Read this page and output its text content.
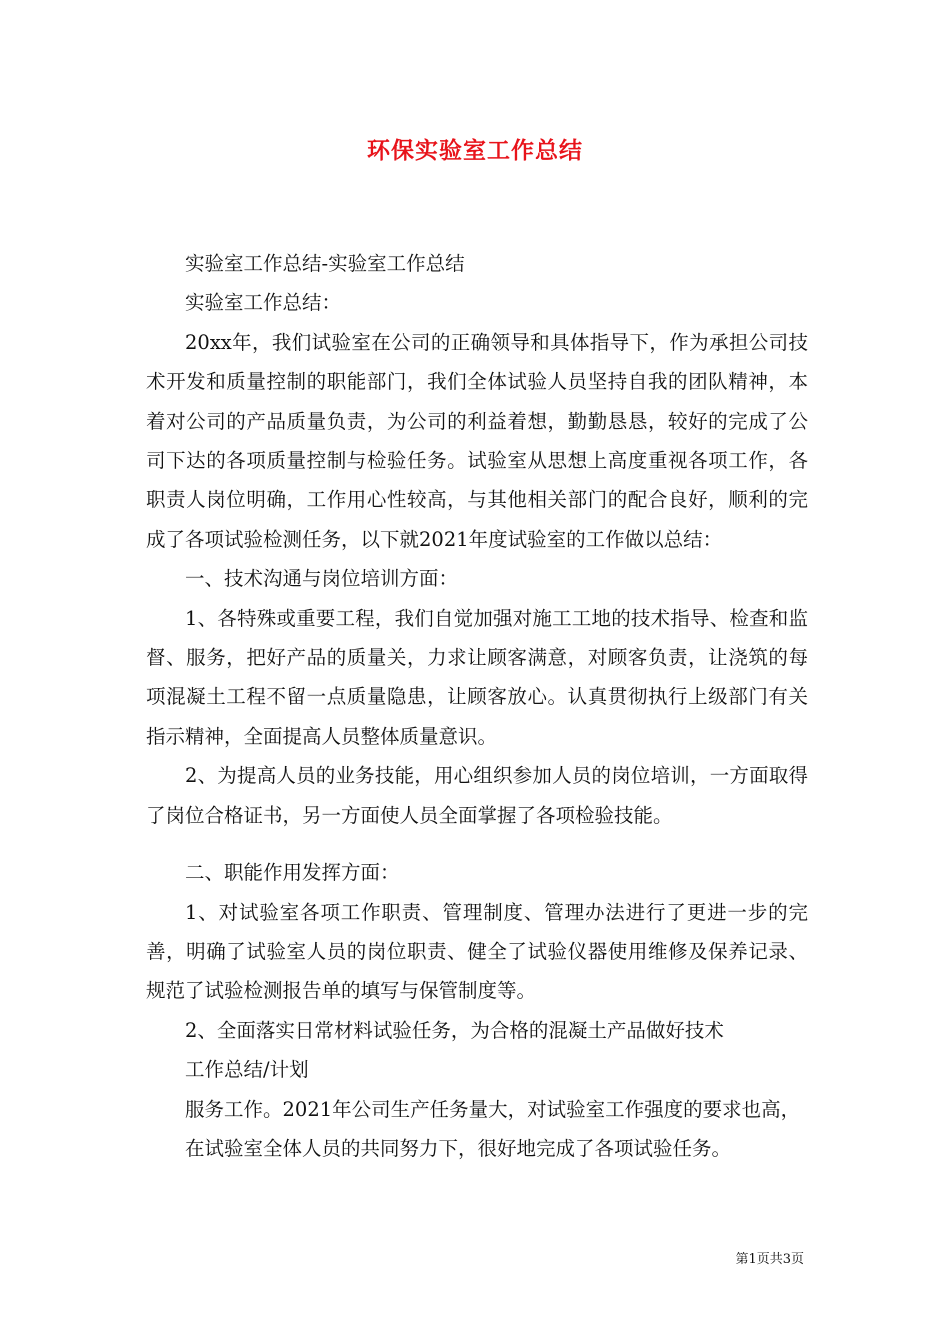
环保实验室工作总结

实验室工作总结-实验室工作总结

实验室工作总结：

20xx年，我们试验室在公司的正确领导和具体指导下，作为承担公司技术开发和质量控制的职能部门，我们全体试验人员坚持自我的团队精神，本着对公司的产品质量负责，为公司的利益着想，勤勤恳恳，较好的完成了公司下达的各项质量控制与检验任务。试验室从思想上高度重视各项工作，各职责人岗位明确，工作用心性较高，与其他相关部门的配合良好，顺利的完成了各项试验检测任务，以下就2021年度试验室的工作做以总结：

一、技术沟通与岗位培训方面：

1、各特殊或重要工程，我们自觉加强对施工工地的技术指导、检查和监督、服务，把好产品的质量关，力求让顾客满意，对顾客负责，让浇筑的每项混凝土工程不留一点质量隐患，让顾客放心。认真贯彻执行上级部门有关指示精神，全面提高人员整体质量意识。

2、为提高人员的业务技能，用心组织参加人员的岗位培训，一方面取得了岗位合格证书，另一方面使人员全面掌握了各项检验技能。

二、职能作用发挥方面：

1、对试验室各项工作职责、管理制度、管理办法进行了更进一步的完善，明确了试验室人员的岗位职责、健全了试验仪器使用维修及保养记录、规范了试验检测报告单的填写与保管制度等。

2、全面落实日常材料试验任务，为合格的混凝土产品做好技术

工作总结/计划

服务工作。2021年公司生产任务量大，对试验室工作强度的要求也高，

在试验室全体人员的共同努力下，很好地完成了各项试验任务。

第1页共3页
